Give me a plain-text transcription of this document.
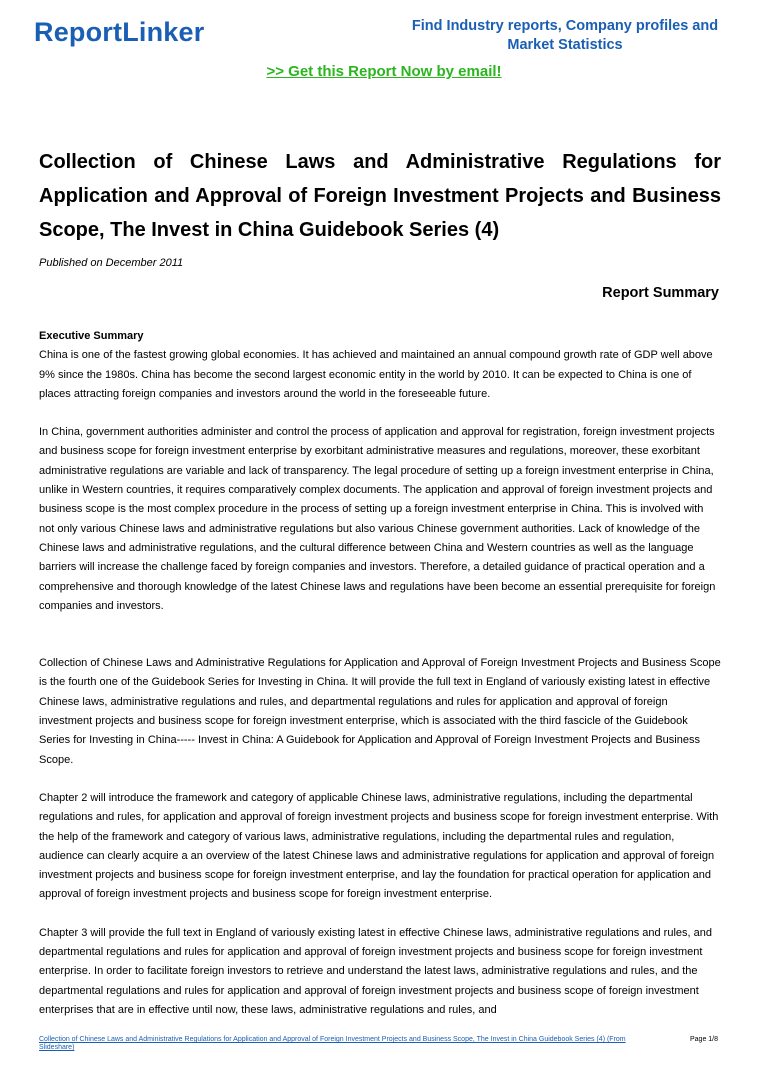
ReportLinker	Find Industry reports, Company profiles and Market Statistics
>> Get this Report Now by email!
Collection of Chinese Laws and Administrative Regulations for Application and Approval of Foreign Investment Projects and Business Scope, The Invest in China Guidebook Series (4)
Published on December 2011
Report Summary
Executive Summary

China is one of the fastest growing global economies. It has achieved and maintained an annual compound growth rate of GDP well above 9% since the 1980s. China has become the second largest economic entity in the world by 2010. It can be expected to China is one of places attracting foreign companies and investors around the world in the foreseeable future.

In China, government authorities administer and control the process of application and approval for registration, foreign investment projects and business scope for foreign investment enterprise by exorbitant administrative measures and regulations, moreover, these exorbitant administrative regulations are variable and lack of transparency. The legal procedure of setting up a foreign investment enterprise in China, unlike in Western countries, it requires comparatively complex documents. The application and approval of foreign investment projects and business scope is the most complex procedure in the process of setting up a foreign investment enterprise in China. This is involved with not only various Chinese laws and administrative regulations but also various Chinese government authorities. Lack of knowledge of the Chinese laws and administrative regulations, and the cultural difference between China and Western countries as well as the language barriers will increase the challenge faced by foreign companies and investors. Therefore, a detailed guidance of practical operation and a comprehensive and thorough knowledge of the latest Chinese laws and regulations have been become an essential prerequisite for foreign companies and investors.

Collection of Chinese Laws and Administrative Regulations for Application and Approval of Foreign Investment Projects and Business Scope is the fourth one of the Guidebook Series for Investing in China. It will provide the full text in England of variously existing latest in effective Chinese laws, administrative regulations and rules, and departmental regulations and rules for application and approval of foreign investment projects and business scope for foreign investment enterprise, which is associated with the third fascicle of the Guidebook Series for Investing in China----- Invest in China: A Guidebook for Application and Approval of Foreign Investment Projects and Business Scope.

Chapter 2 will introduce the framework and category of applicable Chinese laws, administrative regulations, including the departmental regulations and rules, for application and approval of foreign investment projects and business scope for foreign investment enterprise. With the help of the framework and category of various laws, administrative regulations, including the departmental rules and regulation, audience can clearly acquire a an overview of the latest Chinese laws and administrative regulations for application and approval of foreign investment projects and business scope for foreign investment enterprise, and lay the foundation for practical operation for application and approval of foreign investment projects and business scope for foreign investment enterprise.

Chapter 3 will provide the full text in England of variously existing latest in effective Chinese laws, administrative regulations and rules, and departmental regulations and rules for application and approval of foreign investment projects and business scope for foreign investment enterprise. In order to facilitate foreign investors to retrieve and understand the latest laws, administrative regulations and rules, and the departmental regulations and rules for application and approval of foreign investment projects and business scope of foreign investment enterprises that are in effective until now, these laws, administrative regulations and rules, and

Collection of Chinese Laws and Administrative Regulations for Application and Approval of Foreign Investment Projects and Business Scope, The Invest in China Guidebook Series (4) (From Slideshare)
Page 1/8
